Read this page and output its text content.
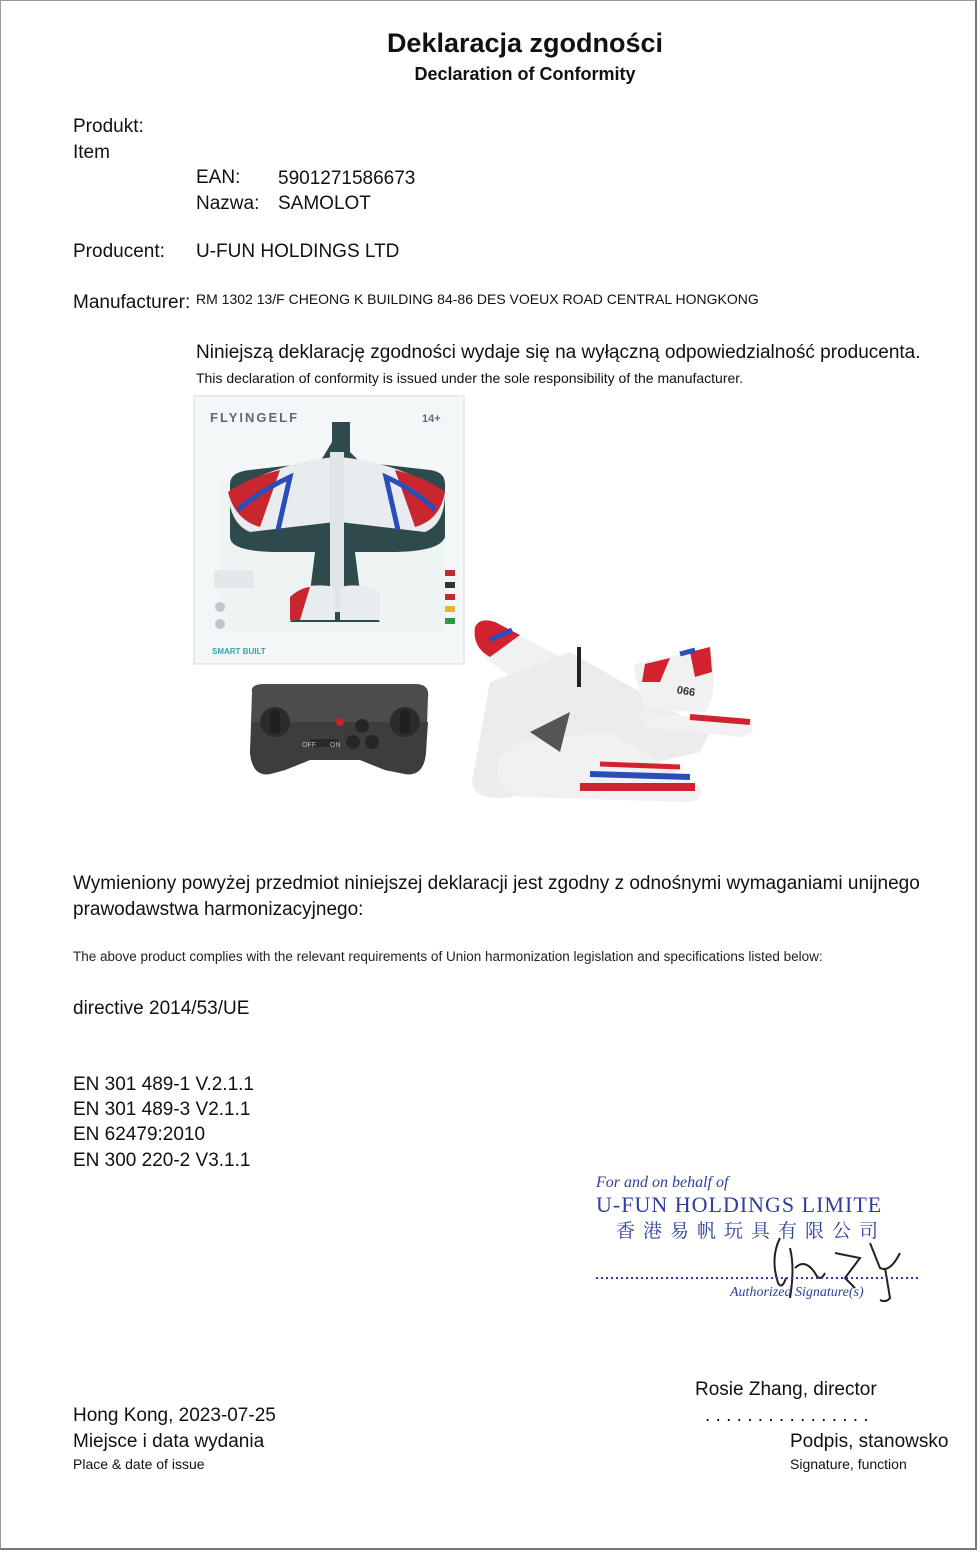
Deklaracja zgodności
Declaration of Conformity
Produkt:
Item
EAN: 5901271586673
Nazwa: SAMOLOT
Producent: U-FUN HOLDINGS LTD
Manufacturer: RM 1302 13/F CHEONG K BUILDING 84-86 DES VOEUX ROAD CENTRAL HONGKONG
Niniejszą deklarację zgodności wydaje się na wyłączną odpowiedzialność producenta.
This declaration of conformity is issued under the sole responsibility of the manufacturer.
FLYINGELF	14+
SMART BUILT
OFF ON
990
Wymieniony powyżej przedmiot niniejszej deklaracji jest zgodny z odnośnymi wymaganiami unijnego
prawodawstwa harmonizacyjnego:
The above product complies with the relevant requirements of Union harmonization legislation and specifications listed below:
directive 2014/53/UE
EN 301 489-1 V.2.1.1
EN 301 489-3 V2.1.1
EN 62479:2010
EN 300 220-2 V3.1.1
For and on behalf of
U-FUN HOLDINGS LIMITE
香港易帆玩具有限公司
Authorized Signature(s)
Rosie Zhang, director
. . . . . . . . . . . . . . . .
Podpis, stanowsko
Signature, function
Hong Kong, 2023-07-25
Miejsce i data wydania
Place & date of issue
